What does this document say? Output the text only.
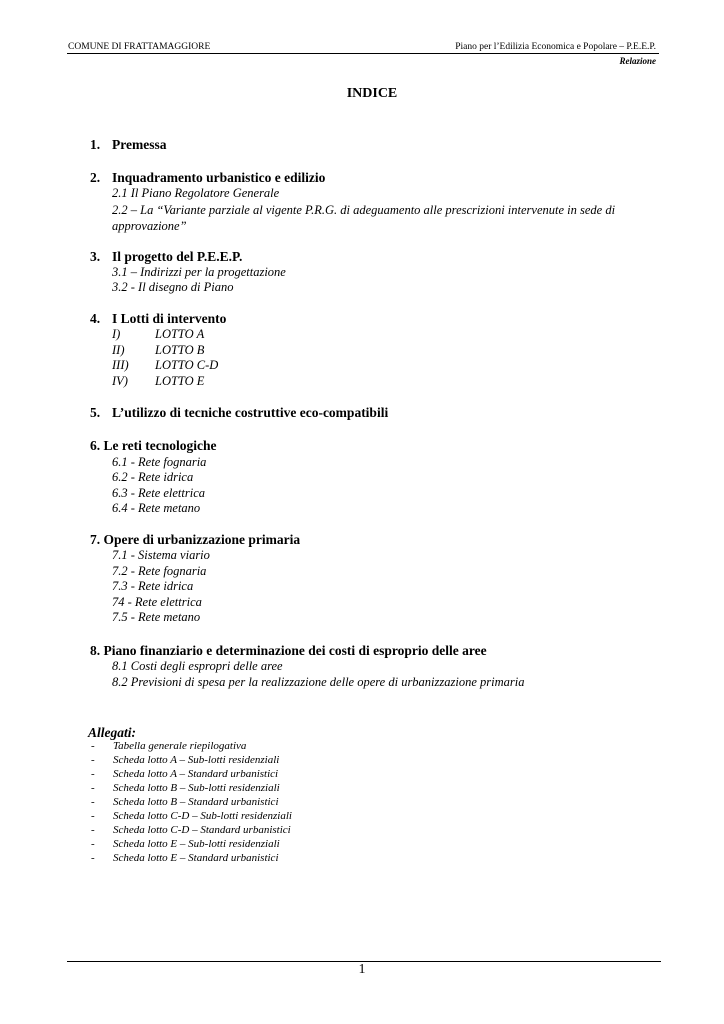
COMUNE DI FRATTAMAGGIORE	Piano per l’Edilizia Economica e Popolare – P.E.E.P.
Relazione
INDICE
1. Premessa
2. Inquadramento urbanistico e edilizio
2.1 Il Piano Regolatore Generale
2.2 – La “Variante parziale al vigente P.R.G. di adeguamento alle prescrizioni intervenute in sede di approvazione”
3. Il progetto del P.E.E.P.
3.1 – Indirizzi per la progettazione
3.2 - Il disegno di Piano
4. I Lotti di intervento
I)	LOTTO A
II) LOTTO B
III) LOTTO C-D
IV) LOTTO E
5. L’utilizzo di tecniche costruttive eco-compatibili
6. Le reti tecnologiche
6.1 - Rete fognaria
6.2 - Rete idrica
6.3 - Rete elettrica
6.4 - Rete metano
7. Opere di urbanizzazione primaria
7.1 - Sistema viario
7.2 - Rete fognaria
7.3 - Rete idrica
74 - Rete elettrica
7.5 - Rete metano
8. Piano finanziario e determinazione dei costi di esproprio delle aree
8.1 Costi degli espropri delle aree
8.2 Previsioni di spesa per la realizzazione delle opere di urbanizzazione primaria
Allegati:
- Tabella generale riepilogativa
- Scheda lotto A – Sub-lotti residenziali
- Scheda lotto A – Standard urbanistici
- Scheda lotto B – Sub-lotti residenziali
- Scheda lotto B – Standard urbanistici
- Scheda lotto C-D – Sub-lotti residenziali
- Scheda lotto C-D – Standard urbanistici
- Scheda lotto E – Sub-lotti residenziali
- Scheda lotto E – Standard urbanistici
1
